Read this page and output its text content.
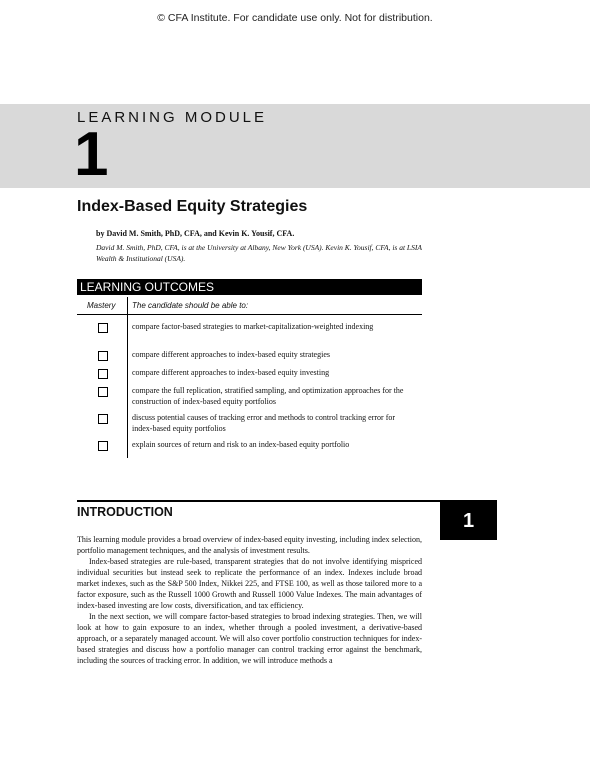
© CFA Institute. For candidate use only. Not for distribution.
LEARNING MODULE
1
Index-Based Equity Strategies
by David M. Smith, PhD, CFA, and Kevin K. Yousif, CFA.
David M. Smith, PhD, CFA, is at the University at Albany, New York (USA). Kevin K. Yousif, CFA, is at LSIA Wealth & Institutional (USA).
LEARNING OUTCOMES
Mastery The candidate should be able to:
compare factor-based strategies to market-capitalization-weighted indexing
compare different approaches to index-based equity strategies
compare different approaches to index-based equity investing
compare the full replication, stratified sampling, and optimization approaches for the construction of index-based equity portfolios
discuss potential causes of tracking error and methods to control tracking error for index-based equity portfolios
explain sources of return and risk to an index-based equity portfolio
INTRODUCTION	1

This learning module provides a broad overview of index-based equity investing, including index selection, portfolio management techniques, and the analysis of investment results.

Index-based strategies are rule-based, transparent strategies that do not involve identifying mispriced individual securities but instead seek to replicate the performance of an index. Indexes include broad market indexes, such as the S&P 500 Index, Nikkei 225, and FTSE 100, as well as those tailored more to a factor exposure, such as the Russell 1000 Growth and Russell 1000 Value Indexes. The main advantages of index-based investing are low costs, diversification, and tax efficiency.

In the next section, we will compare factor-based strategies to broad indexing strategies. Then, we will look at how to gain exposure to an index, whether through a pooled investment, a derivative-based approach, or a separately managed account. We will also cover portfolio construction techniques for index-based strategies and discuss how a portfolio manager can control tracking error against the benchmark, including the sources of tracking error. In addition, we will introduce methods a
